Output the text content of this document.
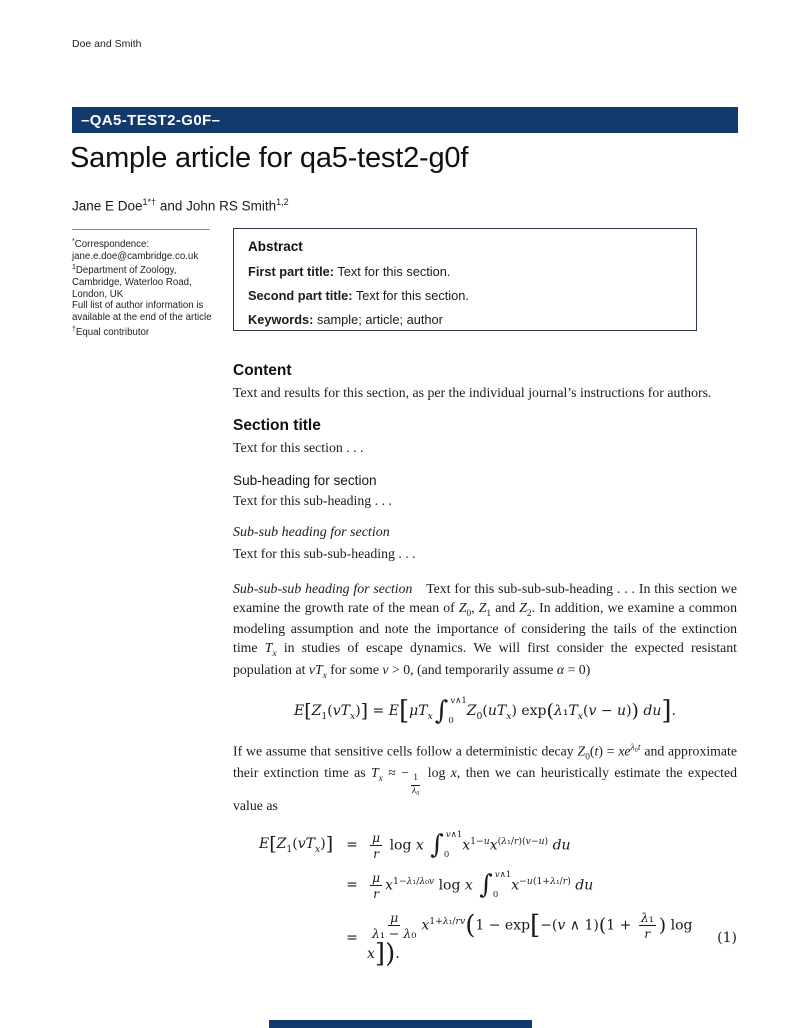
Doe and Smith
–QA5-TEST2-G0F–
Sample article for qa5-test2-g0f
Jane E Doe$^{1*\dagger}$ and John RS Smith$^{1,2}$
*Correspondence:
jane.e.doe@cambridge.co.uk
$^1$Department of Zoology,
Cambridge, Waterloo Road,
London, UK
Full list of author information is
available at the end of the article
†Equal contributor
Abstract

First part title: Text for this section.

Second part title: Text for this section.

Keywords: sample; article; author

Content

Text and results for this section, as per the individual journal’s instructions for authors.

Section title

Text for this section . . .

Sub-heading for section

Text for this sub-heading . . .

Sub-sub heading for section

Text for this sub-sub-heading . . .

Sub-sub-sub heading for section Text for this sub-sub-sub-heading . . . In this section we examine the growth rate of the mean of $Z_0$, $Z_1$ and $Z_2$. In addition, we examine a common modeling assumption and note the importance of considering the tails of the extinction time $T_x$ in studies of escape dynamics. We will first consider the expected resistant population at $vT_x$ for some v > 0, (and temporarily assume α = 0)

$E[Z_1(vT_x)] = E[\mu T_x$ ∫ v∧1
0
$Z_0(uT_x) \exp(\lambda_1T_x(v - u))$ du].

If we assume that sensitive cells follow a deterministic decay $Z_0(t) = xe^{\lambda_0t}$ and approximate their extinction time as $T_x$ ≈ −
$\frac{1}{\text{λ₀}}$
log x, then we can heuristically estimate the expected value as

$E[Z_1(vT_x)] = \frac{\mu}{r}$ log x ∫ v∧1
0
$x^{1-u}x^{(\lambda_1/r)(v-u)}$ du
= $\frac{\mu}{r} x^{1-\lambda_1/\lambda_0v}$ log x ∫ v∧1
0
$x^{-u(1+\lambda_1/r)}$ du
= $\frac{\mu}{\text{λ₁ − λ₀}} x^{1+\lambda_1/rv}(1 - \exp[-(v$ ∧ $1)(1 + \frac{\text{λ₁}}{r}$ ) log x]).
(1)
